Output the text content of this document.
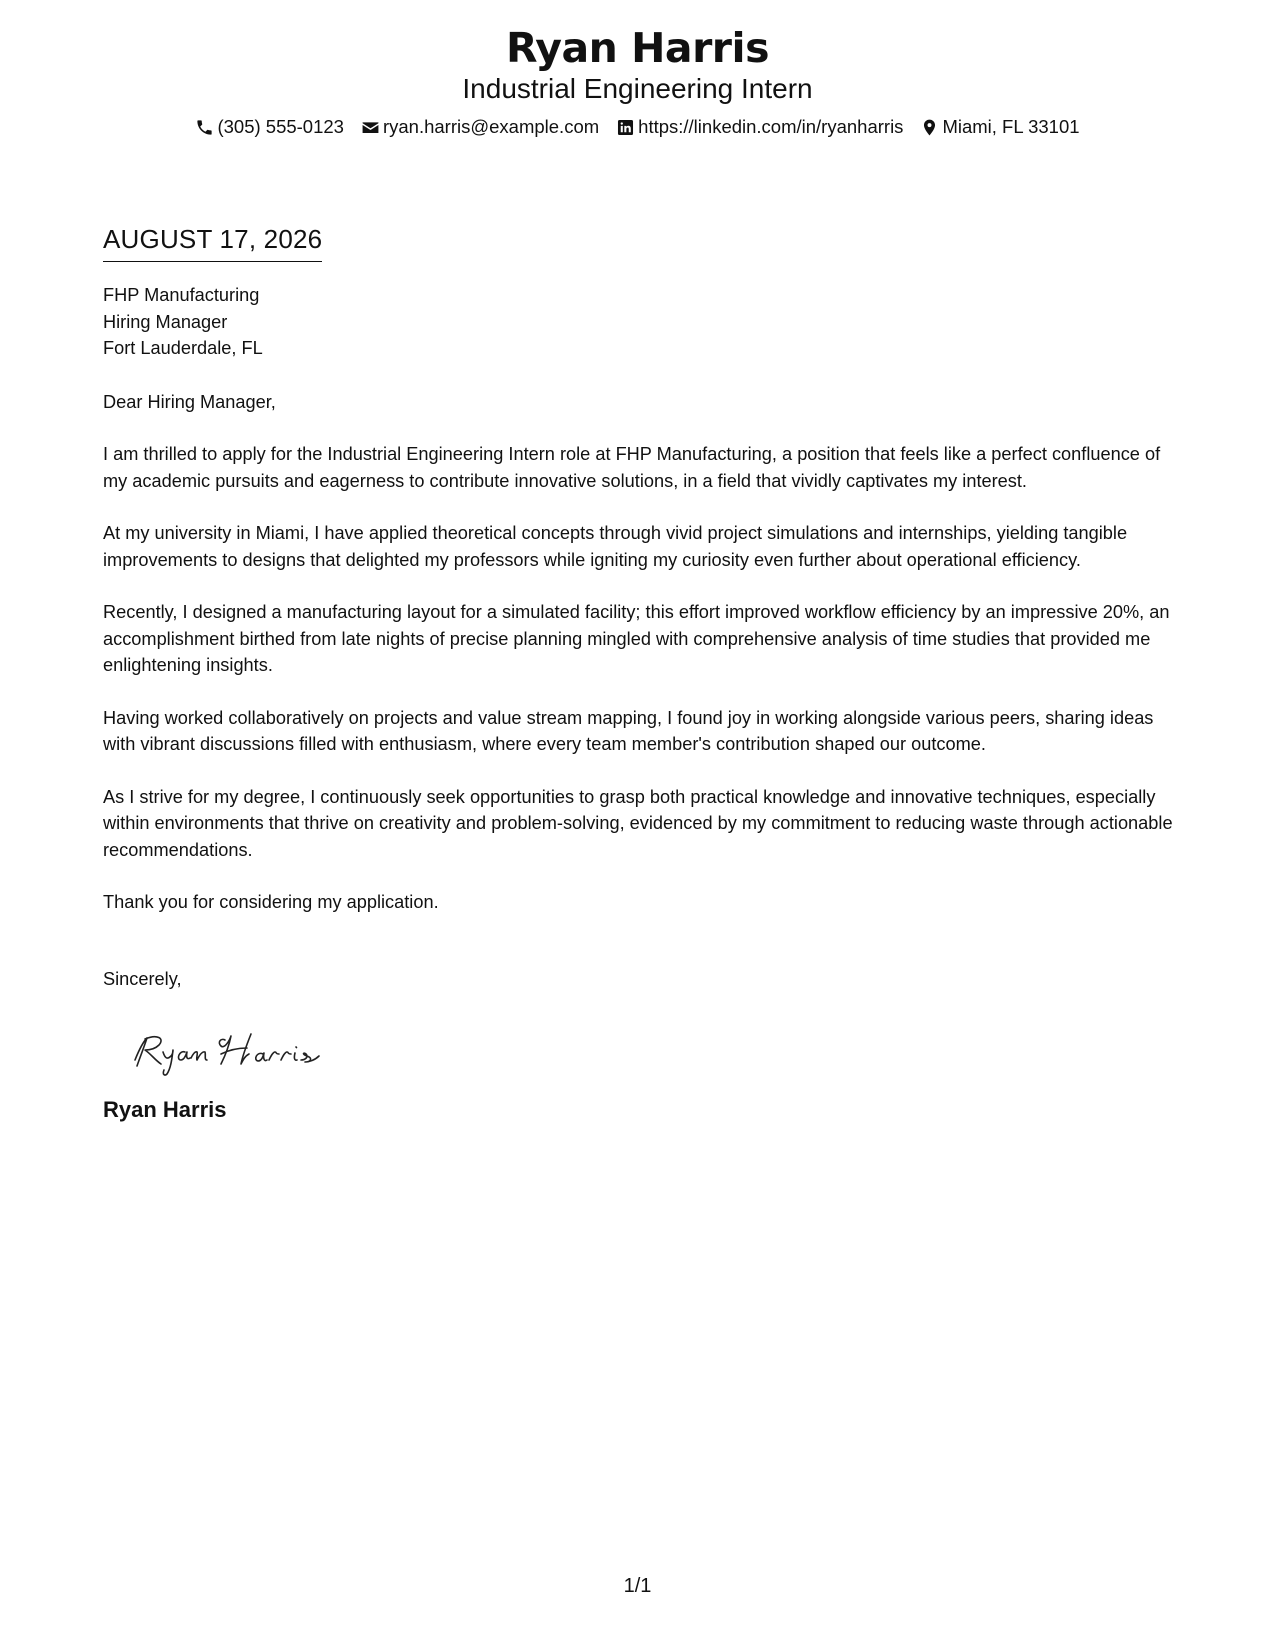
Ryan Harris
Industrial Engineering Intern
(305) 555-0123 ryan.harris@example.com https://linkedin.com/in/ryanharris Miami, FL 33101
AUGUST 17, 2026
FHP Manufacturing
Hiring Manager
Fort Lauderdale, FL
Dear Hiring Manager,

I am thrilled to apply for the Industrial Engineering Intern role at FHP Manufacturing, a position that feels like a perfect confluence of my academic pursuits and eagerness to contribute innovative solutions, in a field that vividly captivates my interest.

At my university in Miami, I have applied theoretical concepts through vivid project simulations and internships, yielding tangible improvements to designs that delighted my professors while igniting my curiosity even further about operational efficiency.

Recently, I designed a manufacturing layout for a simulated facility; this effort improved workflow efficiency by an impressive 20%, an accomplishment birthed from late nights of precise planning mingled with comprehensive analysis of time studies that provided me enlightening insights.

Having worked collaboratively on projects and value stream mapping, I found joy in working alongside various peers, sharing ideas with vibrant discussions filled with enthusiasm, where every team member's contribution shaped our outcome.

As I strive for my degree, I continuously seek opportunities to grasp both practical knowledge and innovative techniques, especially within environments that thrive on creativity and problem-solving, evidenced by my commitment to reducing waste through actionable recommendations.

Thank you for considering my application.

Sincerely,
Ryan Harris
1/1
